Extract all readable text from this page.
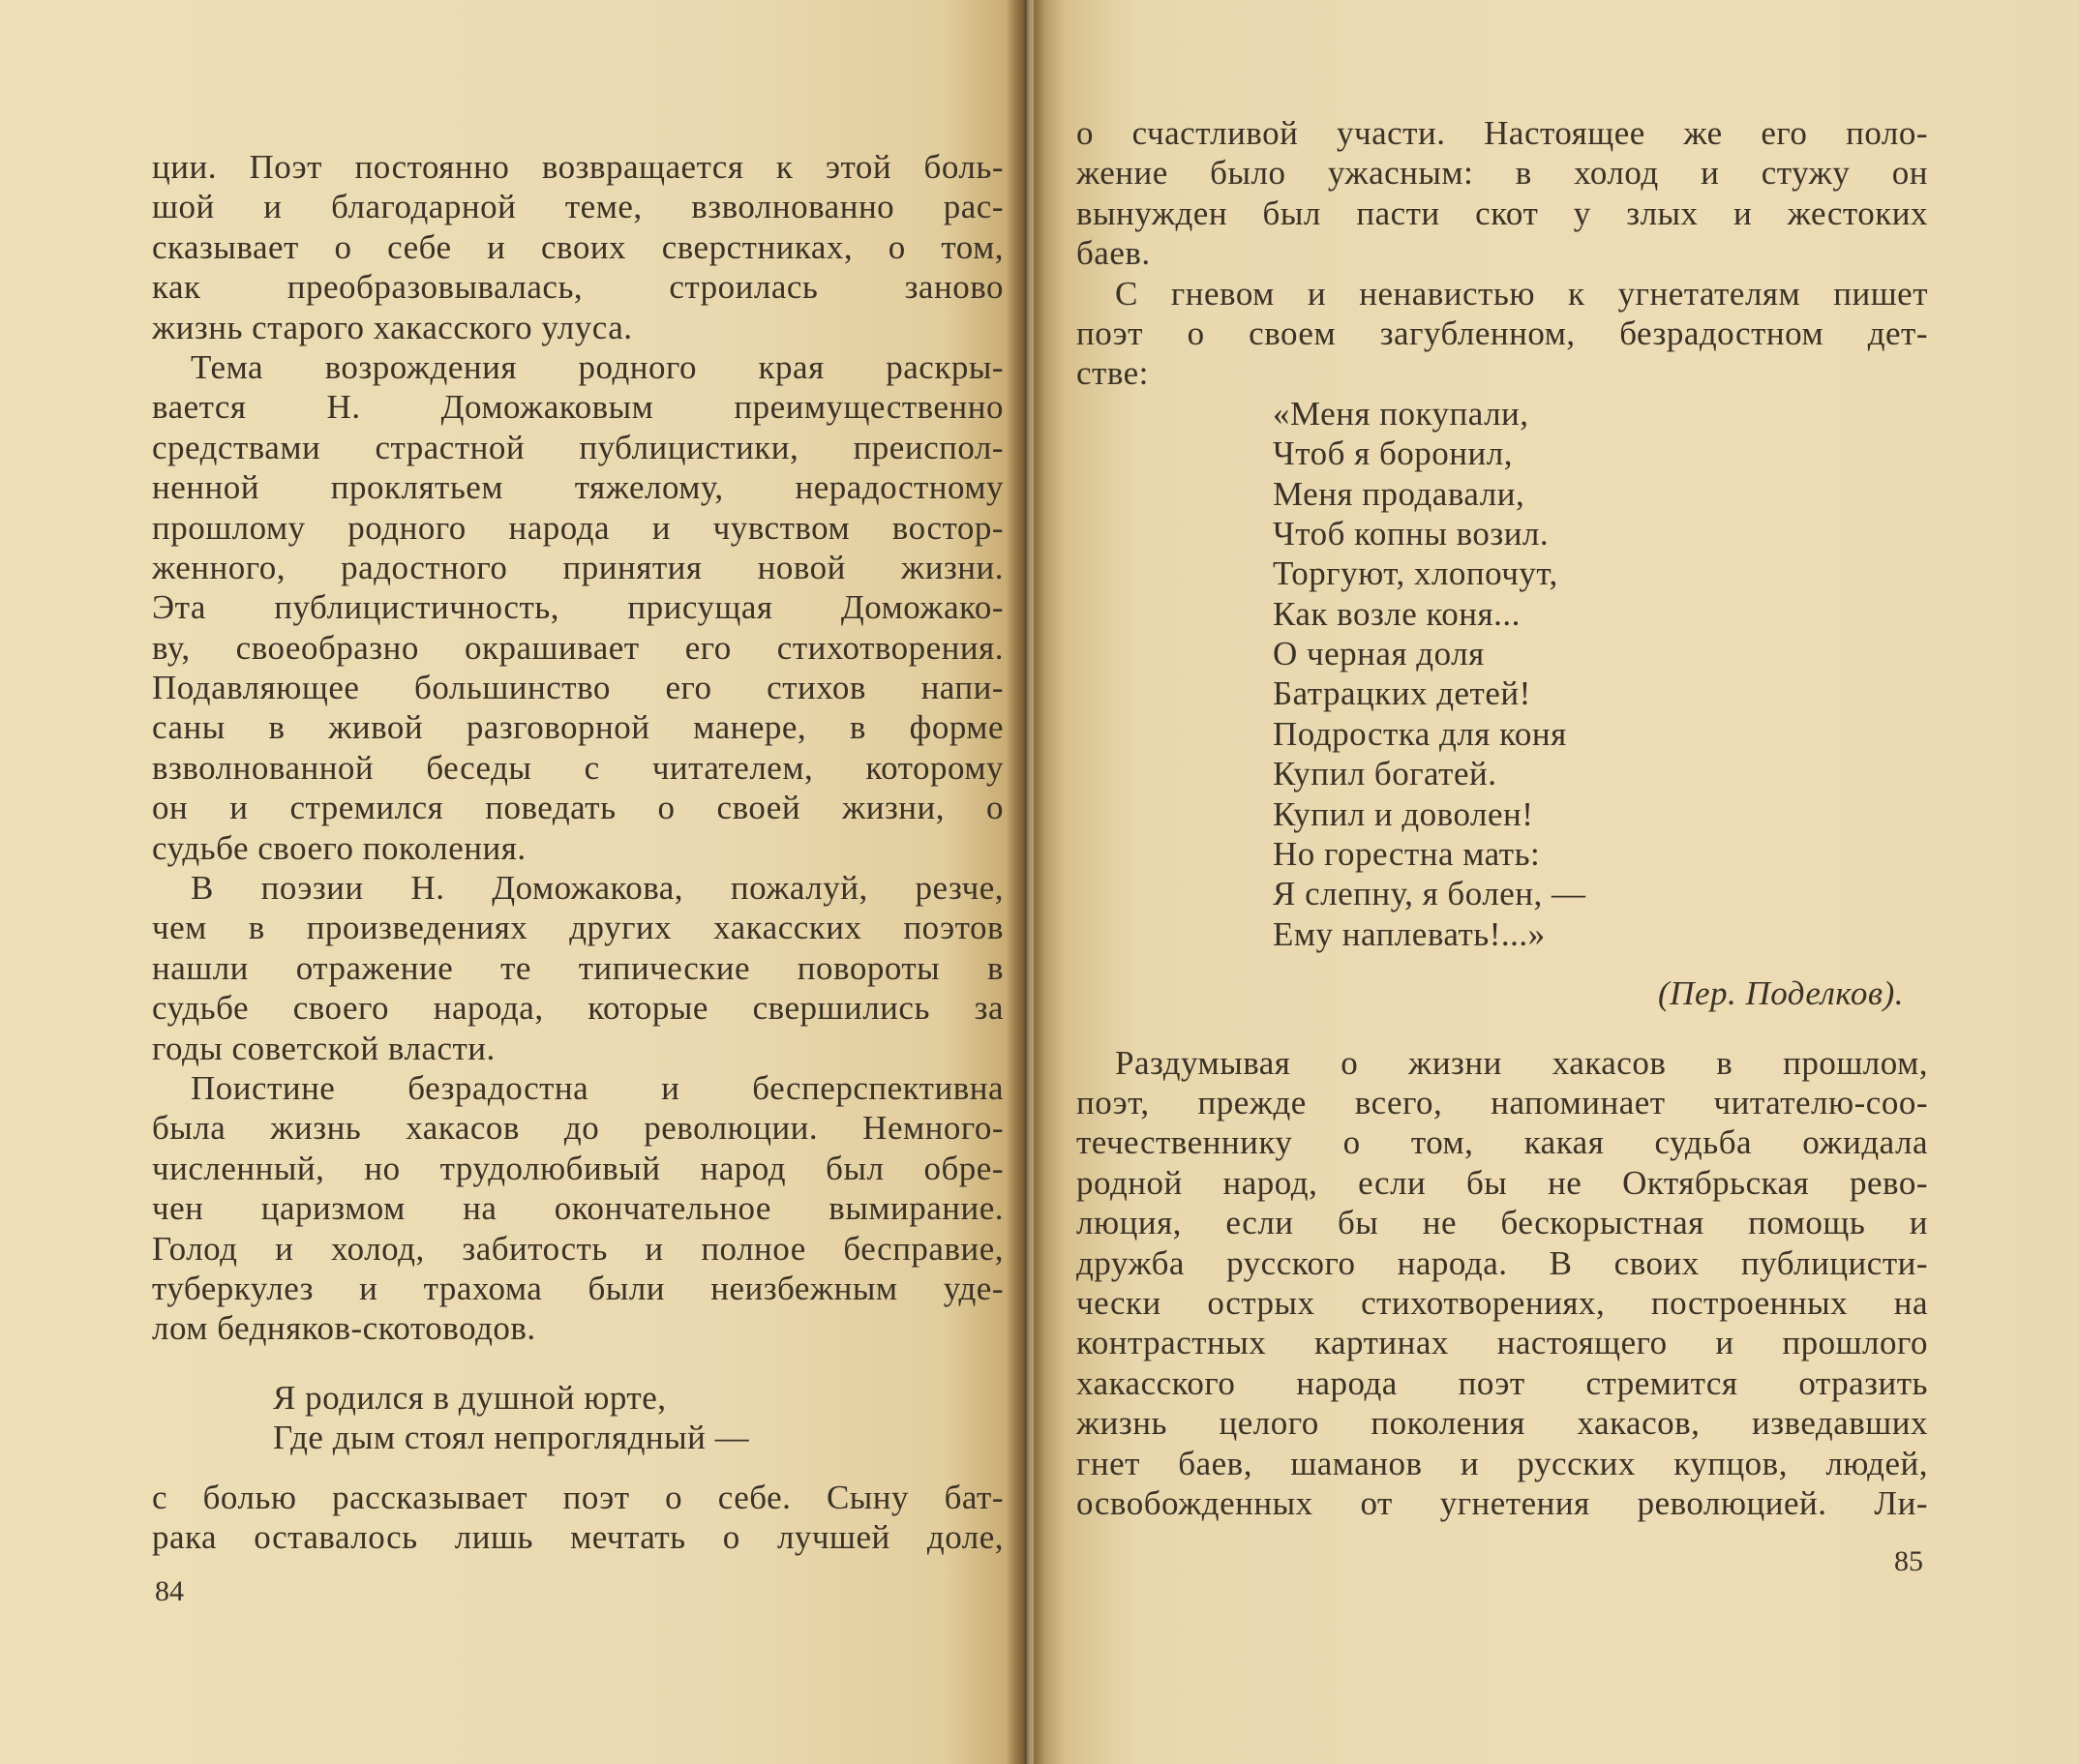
ции. Поэт постоянно возвращается к этой боль-
шой и благодарной теме, взволнованно рас-
сказывает о себе и своих сверстниках, о том,
как преобразовывалась, строилась заново
жизнь старого хакасского улуса.
Тема возрождения родного края раскры-
вается Н. Доможаковым преимущественно
средствами страстной публицистики, преиспол-
ненной проклятьем тяжелому, нерадостному
прошлому родного народа и чувством востор-
женного, радостного принятия новой жизни.
Эта публицистичность, присущая Доможако-
ву, своеобразно окрашивает его стихотворения.
Подавляющее большинство его стихов напи-
саны в живой разговорной манере, в форме
взволнованной беседы с читателем, которому
он и стремился поведать о своей жизни, о
судьбе своего поколения.
В поэзии Н. Доможакова, пожалуй, резче,
чем в произведениях других хакасских поэтов
нашли отражение те типические повороты в
судьбе своего народа, которые свершились за
годы советской власти.
Поистине безрадостна и бесперспективна
была жизнь хакасов до революции. Немного-
численный, но трудолюбивый народ был обре-
чен царизмом на окончательное вымирание.
Голод и холод, забитость и полное бесправие,
туберкулез и трахома были неизбежным уде-
лом бедняков-скотоводов.
Я родился в душной юрте,
Где дым стоял непроглядный —
с болью рассказывает поэт о себе. Сыну бат-
рака оставалось лишь мечтать о лучшей доле,
84
о счастливой участи. Настоящее же его поло-
жение было ужасным: в холод и стужу он
вынужден был пасти скот у злых и жестоких
баев.
С гневом и ненавистью к угнетателям пишет
поэт о своем загубленном, безрадостном дет-
стве:
«Меня покупали,
Чтоб я боронил,
Меня продавали,
Чтоб копны возил.
Торгуют, хлопочут,
Как возле коня...
О черная доля
Батрацких детей!
Подростка для коня
Купил богатей.
Купил и доволен!
Но горестна мать:
Я слепну, я болен, —
Ему наплевать!...»
(Пер. Поделков).
Раздумывая о жизни хакасов в прошлом,
поэт, прежде всего, напоминает читателю-соо-
течественнику о том, какая судьба ожидала
родной народ, если бы не Октябрьская рево-
люция, если бы не бескорыстная помощь и
дружба русского народа. В своих публицисти-
чески острых стихотворениях, построенных на
контрастных картинах настоящего и прошлого
хакасского народа поэт стремится отразить
жизнь целого поколения хакасов, изведавших
гнет баев, шаманов и русских купцов, людей,
освобожденных от угнетения революцией. Ли-
85
